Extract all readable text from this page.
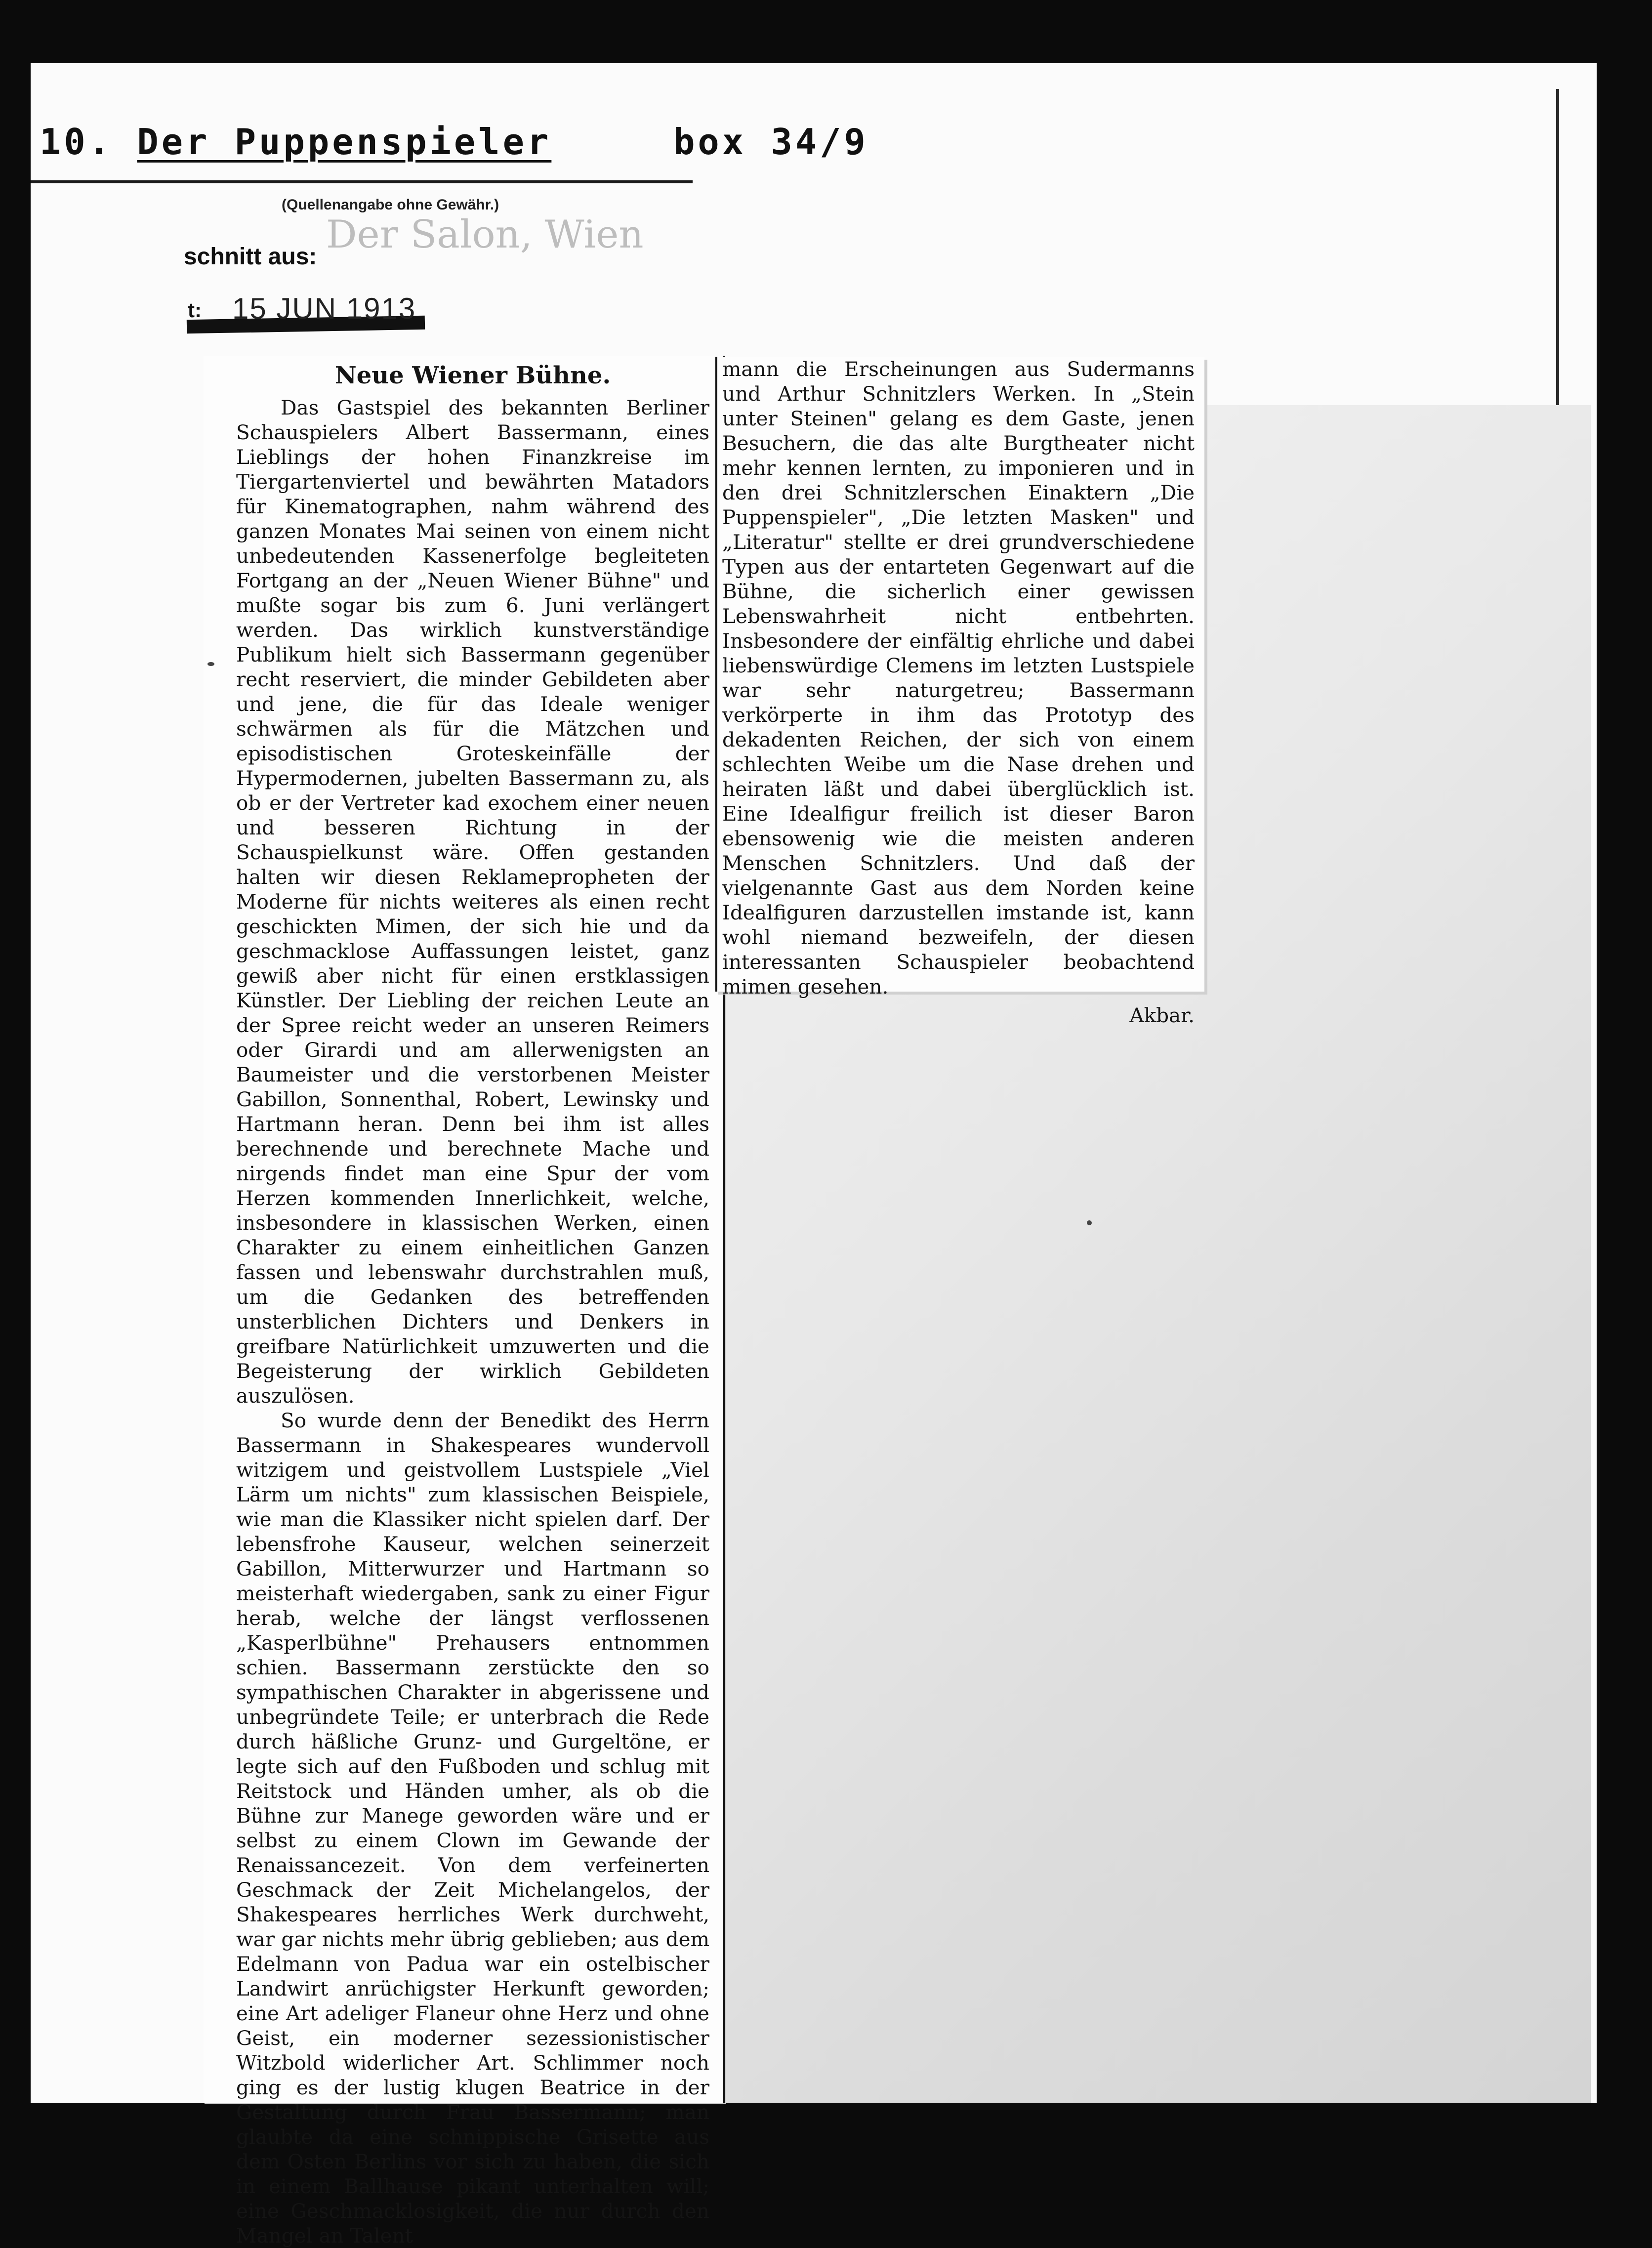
10. Der Puppenspieler	box 34/9
(Quellenangabe ohne Gewähr.)
Der Salon, Wien
schnitt aus:
t: 15 JUN 1913

Neue Wiener Bühne.

Das Gastspiel des bekannten Berliner Schauspielers Albert Bassermann, eines Lieblings der hohen Finanzkreise im Tiergartenviertel und bewährten Matadors für Kinematographen, nahm während des ganzen Monates Mai seinen von einem nicht unbedeutenden Kassenerfolge begleiteten Fortgang an der „Neuen Wiener Bühne" und mußte sogar bis zum 6. Juni verlängert werden. Das wirklich kunstverständige Publikum hielt sich Bassermann gegenüber recht reserviert, die minder Gebildeten aber und jene, die für das Ideale weniger schwärmen als für die Mätzchen und episodistischen Groteskeinfälle der Hypermodernen, jubelten Bassermann zu, als ob er der Vertreter kad exochem einer neuen und besseren Richtung in der Schauspielkunst wäre. Offen gestanden halten wir diesen Reklamepropheten der Moderne für nichts weiteres als einen recht geschickten Mimen, der sich hie und da geschmacklose Auffassungen leistet, ganz gewiß aber nicht für einen erstklassigen Künstler. Der Liebling der reichen Leute an der Spree reicht weder an unseren Reimers oder Girardi und am allerwenigsten an Baumeister und die verstorbenen Meister Gabillon, Sonnenthal, Robert, Lewinsky und Hartmann heran. Denn bei ihm ist alles berechnende und berechnete Mache und nirgends findet man eine Spur der vom Herzen kommenden Innerlichkeit, welche, insbesondere in klassischen Werken, einen Charakter zu einem einheitlichen Ganzen fassen und lebenswahr durchstrahlen muß, um die Gedanken des betreffenden unsterblichen Dichters und Denkers in greifbare Natürlichkeit umzuwerten und die Begeisterung der wirklich Gebildeten auszulösen.

So wurde denn der Benedikt des Herrn Bassermann in Shakespeares wundervoll witzigem und geistvollem Lustspiele „Viel Lärm um nichts" zum klassischen Beispiele, wie man die Klassiker nicht spielen darf. Der lebensfrohe Kauseur, welchen seinerzeit Gabillon, Mitterwurzer und Hartmann so meisterhaft wiedergaben, sank zu einer Figur herab, welche der längst verflossenen „Kasperlbühne" Prehausers entnommen schien. Bassermann zerstückte den so sympathischen Charakter in abgerissene und unbegründete Teile; er unterbrach die Rede durch häßliche Grunz- und Gurgeltöne, er legte sich auf den Fußboden und schlug mit Reitstock und Händen umher, als ob die Bühne zur Manege geworden wäre und er selbst zu einem Clown im Gewande der Renaissancezeit. Von dem verfeinerten Geschmack der Zeit Michelangelos, der Shakespeares herrliches Werk durchweht, war gar nichts mehr übrig geblieben; aus dem Edelmann von Padua war ein ostelbischer Landwirt anrüchigster Herkunft geworden; eine Art adeliger Flaneur ohne Herz und ohne Geist, ein moderner sezessionistischer Witzbold widerlicher Art. Schlimmer noch ging es der lustig klugen Beatrice in der Gestaltung durch Frau Bassermann; man glaubte da eine schnippische Grisette aus dem Osten Berlins vor sich zu haben, die sich in einem Ballhause pikant unterhalten will; eine Geschmacklosigkeit, die nur durch den Mangel an Talent

mann die Erscheinungen aus Sudermanns und Arthur Schnitzlers Werken. In „Stein unter Steinen" gelang es dem Gaste, jenen Besuchern, die das alte Burgtheater nicht mehr kennen lernten, zu imponieren und in den drei Schnitzlerschen Einaktern „Die Puppenspieler", „Die letzten Masken" und „Literatur" stellte er drei grundverschiedene Typen aus der entarteten Gegenwart auf die Bühne, die sicherlich einer gewissen Lebenswahrheit nicht entbehrten. Insbesondere der einfältig ehrliche und dabei liebenswürdige Clemens im letzten Lustspiele war sehr naturgetreu; Bassermann verkörperte in ihm das Prototyp des dekadenten Reichen, der sich von einem schlechten Weibe um die Nase drehen und heiraten läßt und dabei überglücklich ist. Eine Idealfigur freilich ist dieser Baron ebensowenig wie die meisten anderen Menschen Schnitzlers. Und daß der vielgenannte Gast aus dem Norden keine Idealfiguren darzustellen imstande ist, kann wohl niemand bezweifeln, der diesen interessanten Schauspieler beobachtend mimen gesehen.

Akbar.
